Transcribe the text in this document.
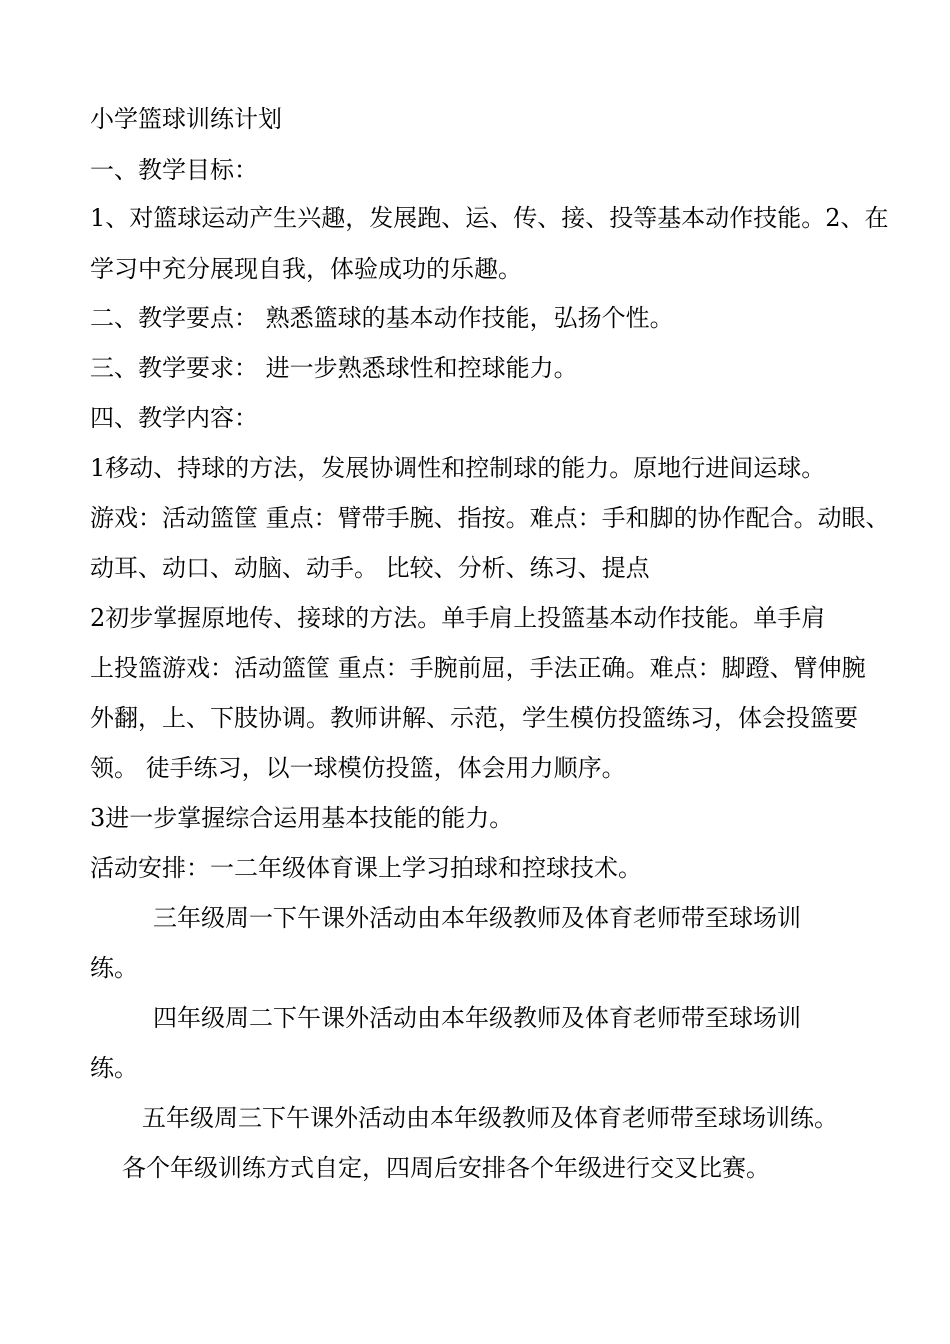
小学篮球训练计划
一、教学目标：
1、对篮球运动产生兴趣，发展跑、运、传、接、投等基本动作技能。2、在
学习中充分展现自我，体验成功的乐趣。
二、教学要点： 熟悉篮球的基本动作技能，弘扬个性。
三、教学要求： 进一步熟悉球性和控球能力。
四、教学内容：
1移动、持球的方法，发展协调性和控制球的能力。原地行进间运球。
游戏：活动篮筐 重点：臂带手腕、指按。难点：手和脚的协作配合。动眼、
动耳、动口、动脑、动手。 比较、分析、练习、提点
2初步掌握原地传、接球的方法。单手肩上投篮基本动作技能。单手肩
上投篮游戏：活动篮筐 重点：手腕前屈，手法正确。难点：脚蹬、臂伸腕
外翻，上、下肢协调。教师讲解、示范，学生模仿投篮练习，体会投篮要
领。 徒手练习，以一球模仿投篮，体会用力顺序。
3进一步掌握综合运用基本技能的能力。
活动安排：一二年级体育课上学习拍球和控球技术。
三年级周一下午课外活动由本年级教师及体育老师带至球场训
练。
四年级周二下午课外活动由本年级教师及体育老师带至球场训
练。
五年级周三下午课外活动由本年级教师及体育老师带至球场训练。
各个年级训练方式自定，四周后安排各个年级进行交叉比赛。
